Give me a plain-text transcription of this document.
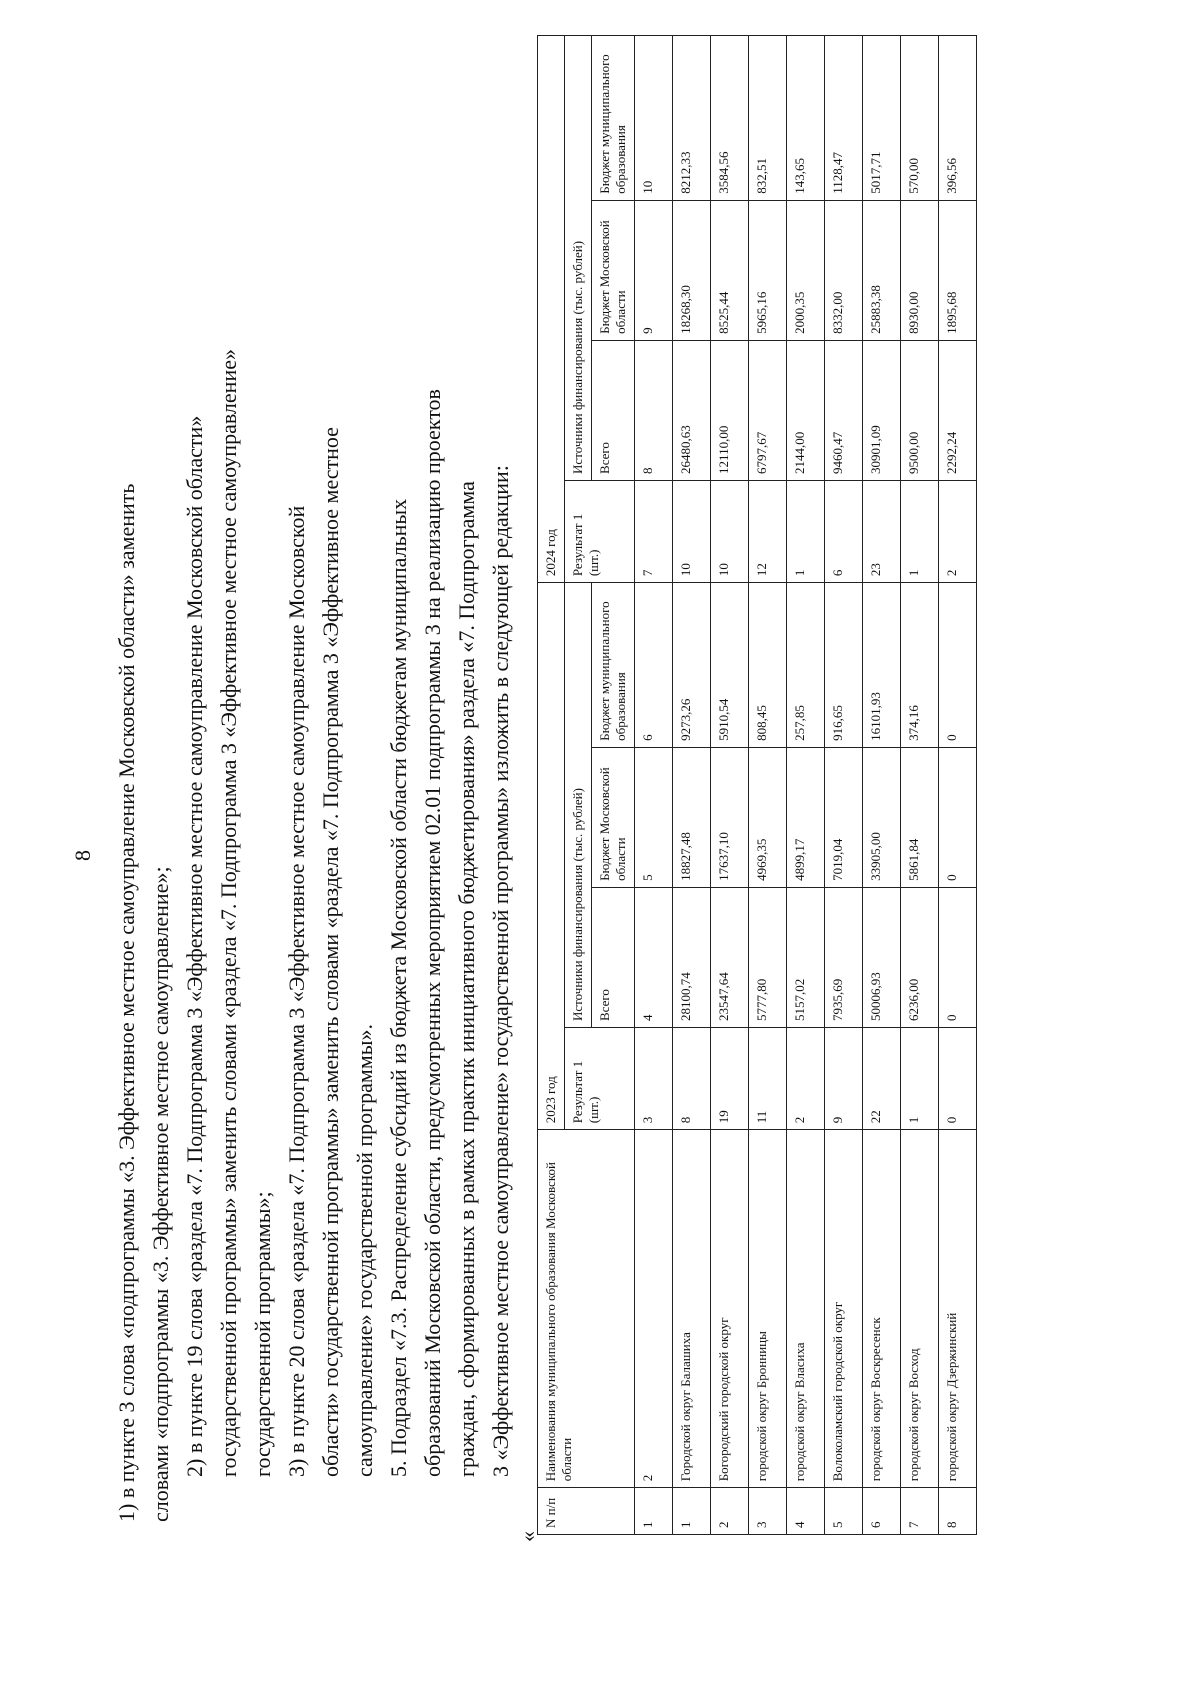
8 1) в пункте 3 слова «подпрограммы «3. Эффективное местное самоуправление Московской области» заменить словами «подпрограммы «3. Эффективное местное самоуправление»; 2) в пункте 19 слова «раздела «7. Подпрограмма 3 «Эффективное местное самоуправление Московской области» государственной программы» заменить словами «раздела «7. Подпрограмма 3 «Эффективное местное самоуправление» государственной программы»; 3) в пункте 20 слова «раздела «7. Подпрограмма 3 «Эффективное местное самоуправление Московской области» государственной программы» заменить словами «раздела «7. Подпрограмма 3 «Эффективное местное самоуправление» государственной программы». 5. Подраздел «7.3. Распределение субсидий из бюджета Московской области бюджетам муниципальных образований Московской области, предусмотренных мероприятием 02.01 подпрограммы 3 на реализацию проектов граждан, сформированных в рамках практик инициативного бюджетирования» раздела «7. Подпрограмма 3 «Эффективное местное самоуправление» государственной программы» изложить в следующей редакции:

«
N п/п	Наименования муниципального образования Московской области	2023 год				2024 год			
		Результат 1 (шт.)	Источники финансирования (тыс. рублей)			Результат 1 (шт.)	Источники финансирования (тыс. рублей)		
			Всего	Бюджет Московской области	Бюджет муниципального образования		Всего	Бюджет Московской области	Бюджет муниципального образования
1	2	3	4	5	6	7	8	9	10
1	Городской округ Балашиха	8	28100,74	18827,48	9273,26	10	26480,63	18268,30	8212,33
2	Богородский городской округ	19	23547,64	17637,10	5910,54	10	12110,00	8525,44	3584,56
3	городской округ Бронницы	11	5777,80	4969,35	808,45	12	6797,67	5965,16	832,51
4	городской округ Власиха	2	5157,02	4899,17	257,85	1	2144,00	2000,35	143,65
5	Волоколамский городской округ	9	7935,69	7019,04	916,65	6	9460,47	8332,00	1128,47
6	городской округ Воскресенск	22	50006,93	33905,00	16101,93	23	30901,09	25883,38	5017,71
7	городской округ Восход	1	6236,00	5861,84	374,16	1	9500,00	8930,00	570,00
8	городской округ Дзержинский	0	0	0	0	2	2292,24	1895,68	396,56
